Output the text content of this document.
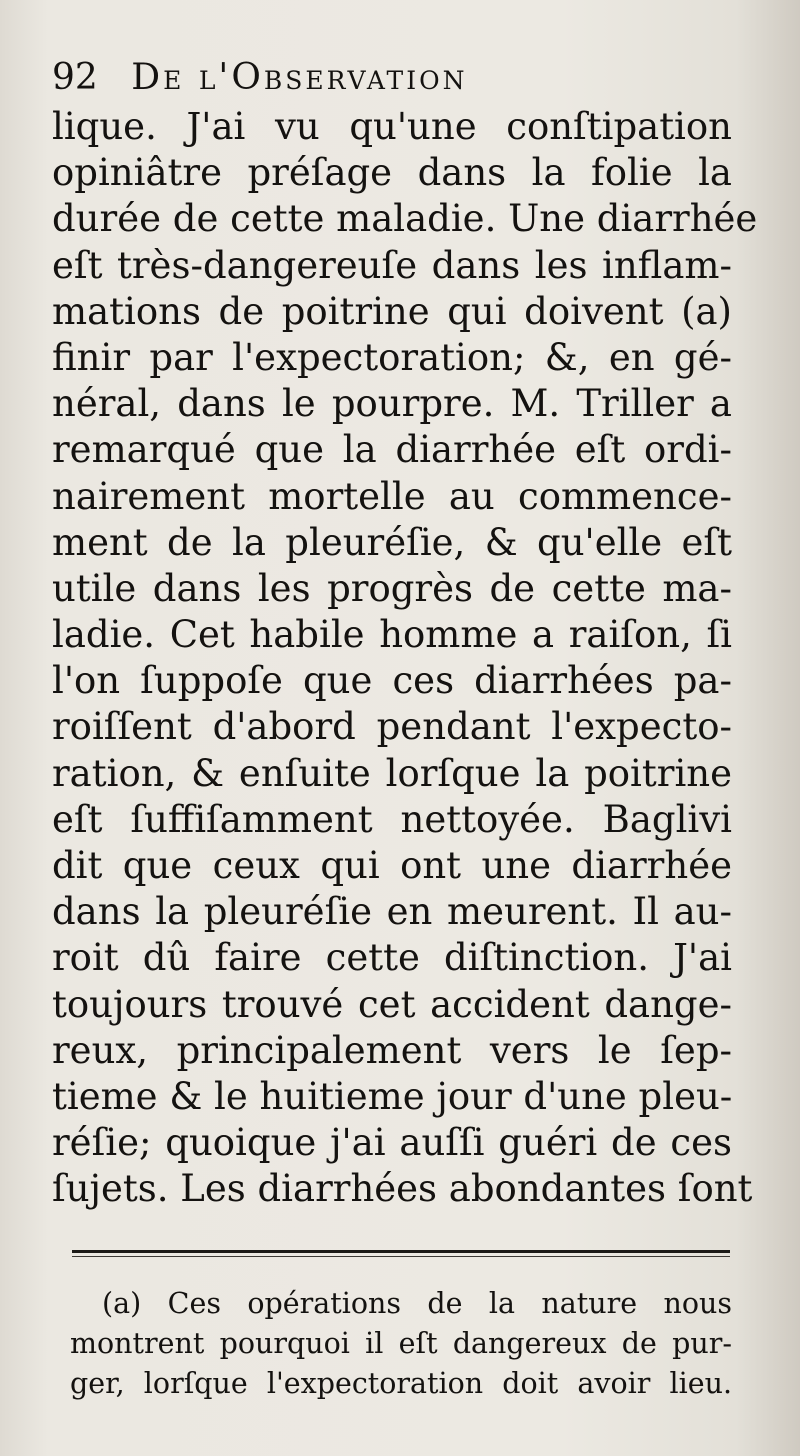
92 De l'Observation
lique. J'ai vu qu'une conſtipation
opiniâtre préſage dans la folie la
durée de cette maladie. Une diarrhée
eſt très-dangereuſe dans les inflam-
mations de poitrine qui doivent (a)
finir par l'expectoration; &, en gé-
néral, dans le pourpre. M. Triller a
remarqué que la diarrhée eſt ordi-
nairement mortelle au commence-
ment de la pleuréſie, & qu'elle eſt
utile dans les progrès de cette ma-
ladie. Cet habile homme a raiſon, ſi
l'on ſuppoſe que ces diarrhées pa-
roiſſent d'abord pendant l'expecto-
ration, & enſuite lorſque la poitrine
eſt ſuffiſamment nettoyée. Baglivi
dit que ceux qui ont une diarrhée
dans la pleuréſie en meurent. Il au-
roit dû faire cette diſtinction. J'ai
toujours trouvé cet accident dange-
reux, principalement vers le ſep-
tieme & le huitieme jour d'une pleu-
réſie; quoique j'ai auſſi guéri de ces
ſujets. Les diarrhées abondantes ſont
(a) Ces opérations de la nature nous
montrent pourquoi il eſt dangereux de pur-
ger, lorſque l'expectoration doit avoir lieu.
